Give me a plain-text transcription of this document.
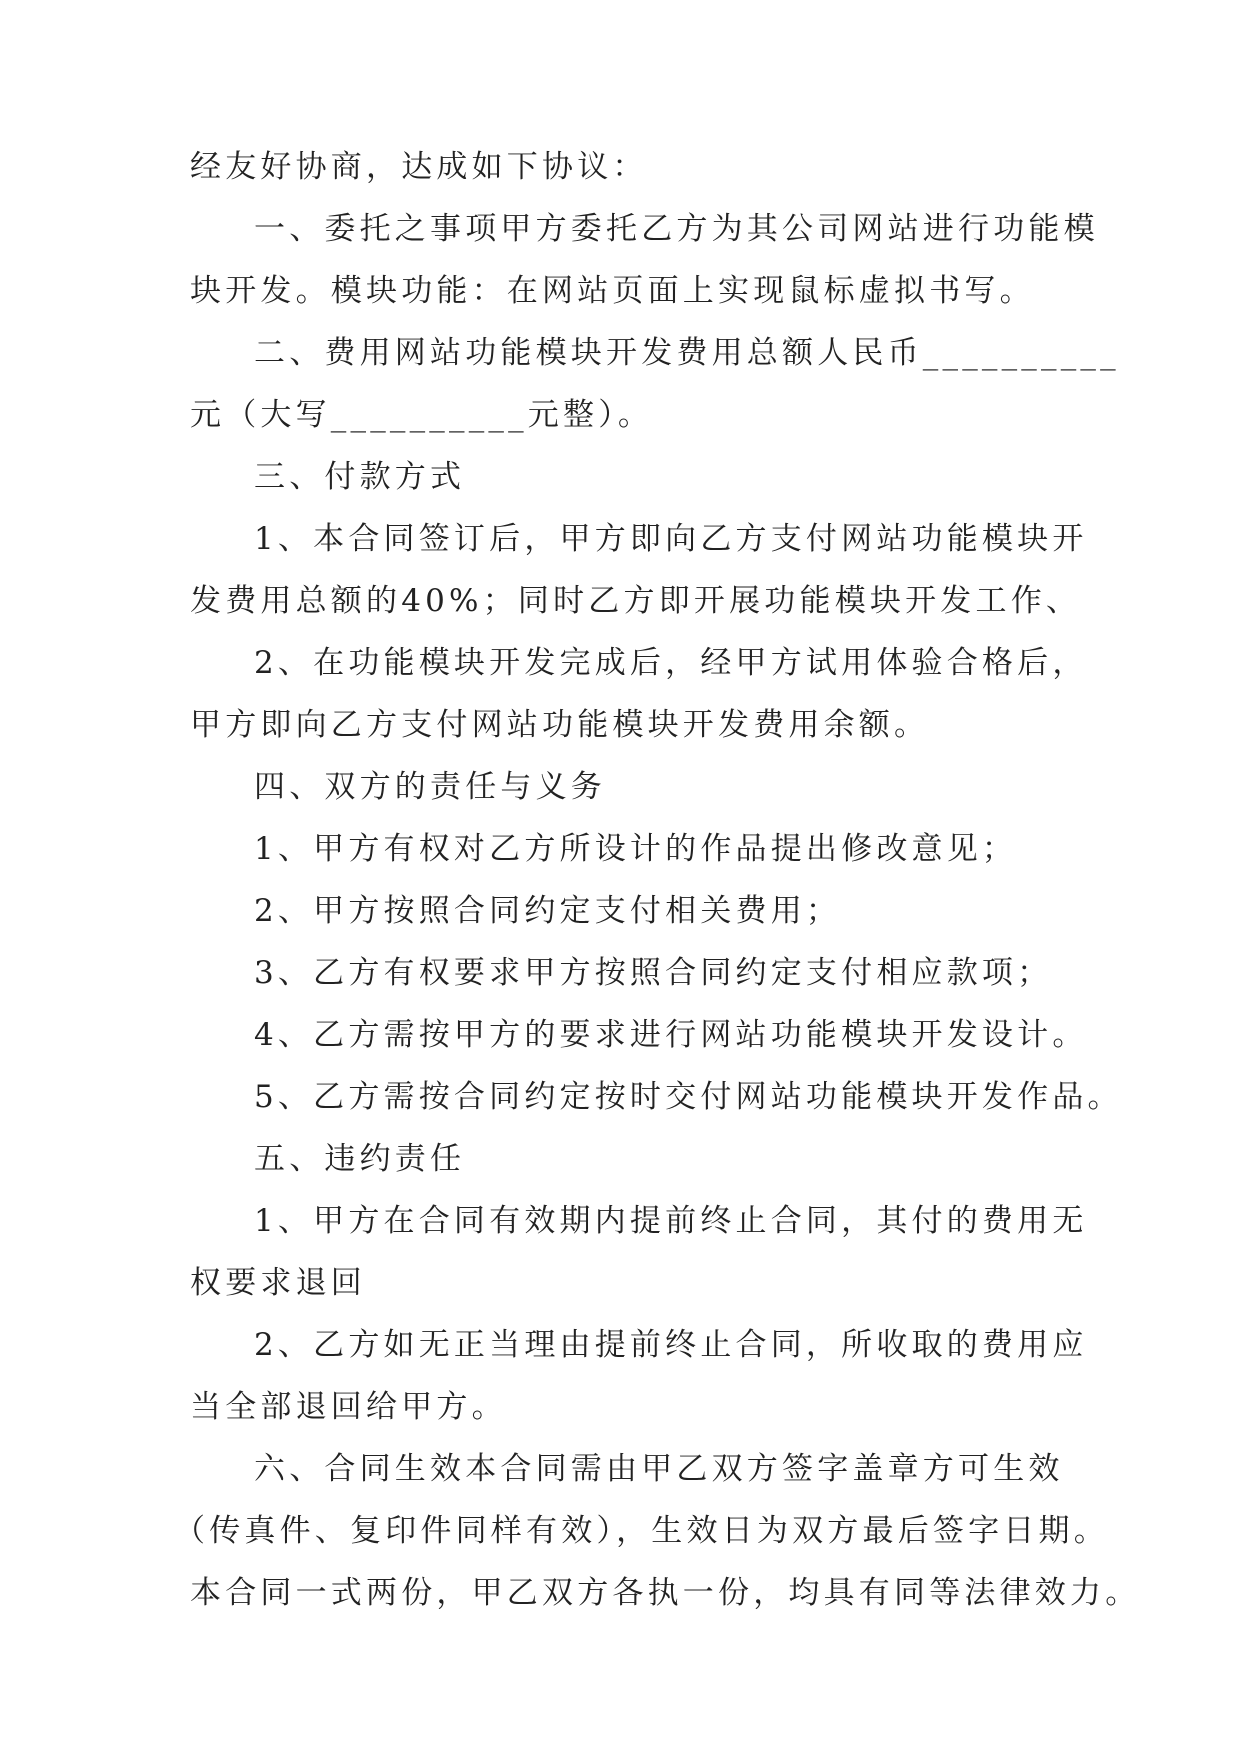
经友好协商，达成如下协议：
一、委托之事项甲方委托乙方为其公司网站进行功能模
块开发。模块功能：在网站页面上实现鼠标虚拟书写。
二、费用网站功能模块开发费用总额人民币__________
元（大写__________元整）。
三、付款方式
1、本合同签订后，甲方即向乙方支付网站功能模块开
发费用总额的40%；同时乙方即开展功能模块开发工作、
2、在功能模块开发完成后，经甲方试用体验合格后，
甲方即向乙方支付网站功能模块开发费用余额。
四、双方的责任与义务
1、甲方有权对乙方所设计的作品提出修改意见；
2、甲方按照合同约定支付相关费用；
3、乙方有权要求甲方按照合同约定支付相应款项；
4、乙方需按甲方的要求进行网站功能模块开发设计。
5、乙方需按合同约定按时交付网站功能模块开发作品。
五、违约责任
1、甲方在合同有效期内提前终止合同，其付的费用无
权要求退回
2、乙方如无正当理由提前终止合同，所收取的费用应
当全部退回给甲方。
六、合同生效本合同需由甲乙双方签字盖章方可生效
（传真件、复印件同样有效），生效日为双方最后签字日期。
本合同一式两份，甲乙双方各执一份，均具有同等法律效力。
